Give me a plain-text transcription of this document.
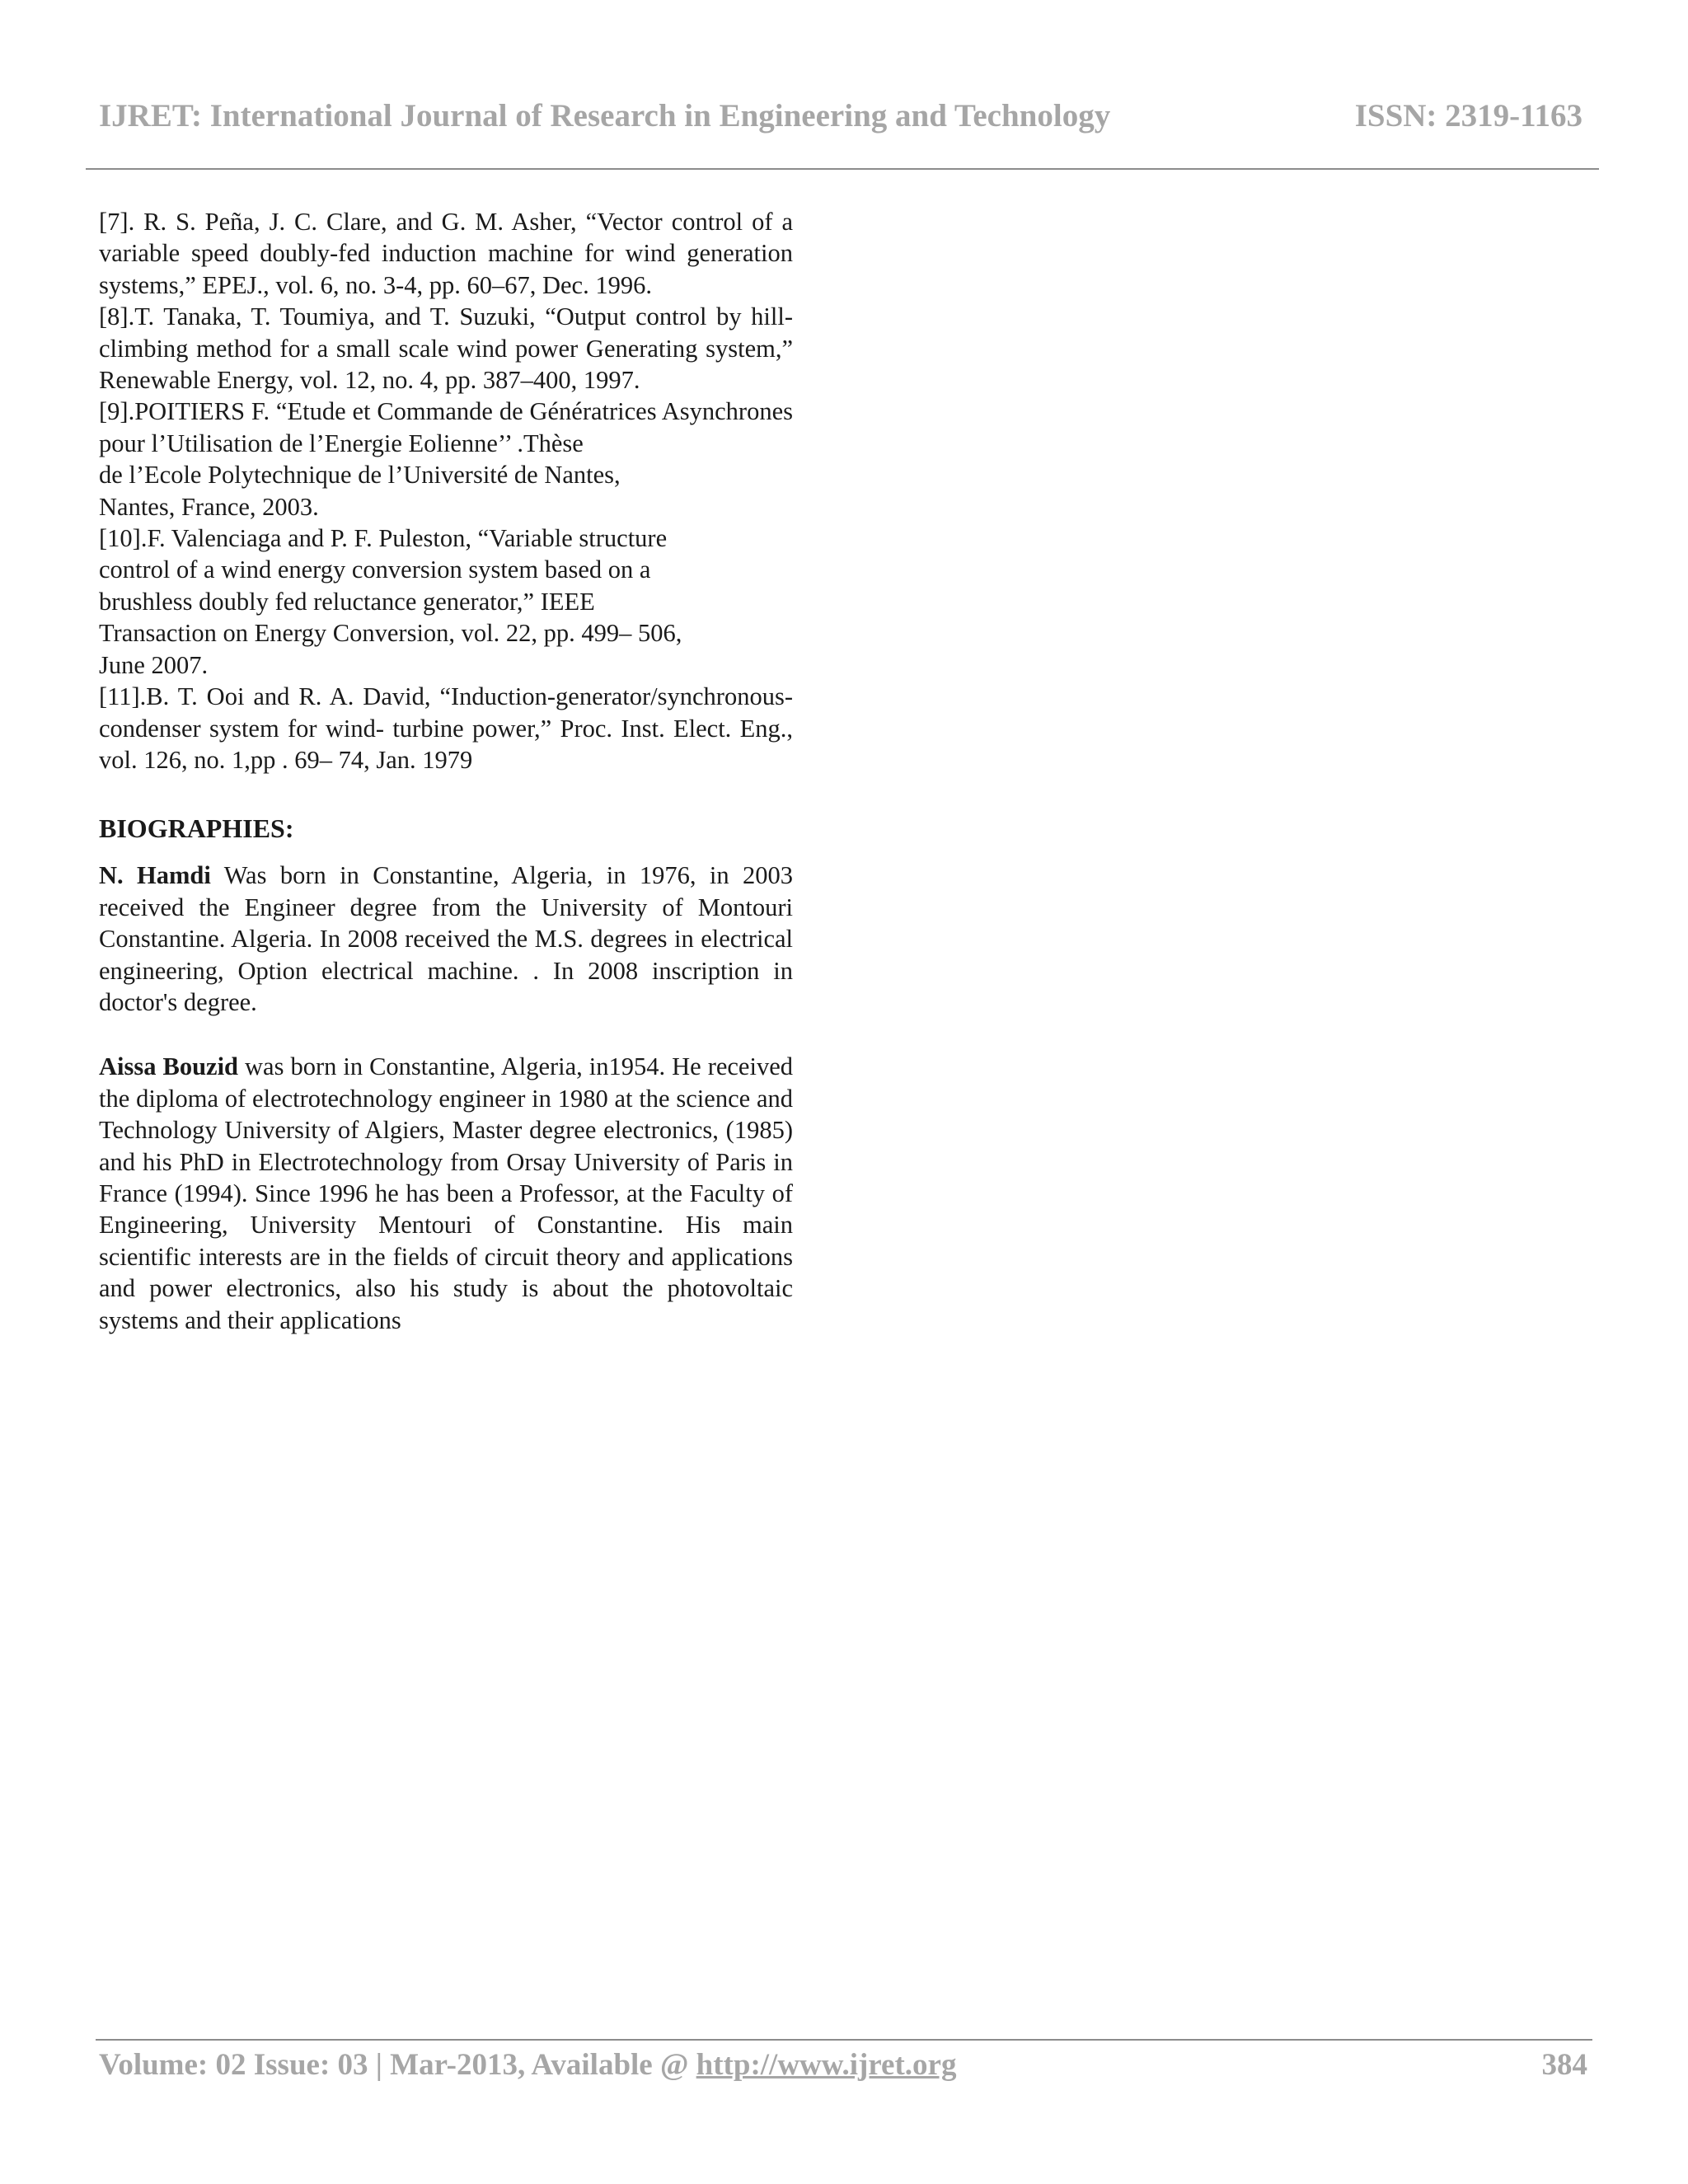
IJRET: International Journal of Research in Engineering and Technology	ISSN: 2319-1163

[7]. R. S. Peña, J. C. Clare, and G. M. Asher, “Vector control of a variable speed doubly-fed induction machine for wind generation systems,” EPEJ., vol. 6, no. 3-4, pp. 60–67, Dec. 1996.

[8].T. Tanaka, T. Toumiya, and T. Suzuki, “Output control by hill-climbing method for a small scale wind power Generating system,” Renewable Energy, vol. 12, no. 4, pp. 387–400, 1997.

[9].POITIERS F. “Etude et Commande de Génératrices Asynchrones pour l’Utilisation de l’Energie Eolienne’’ .Thèse

de l’Ecole Polytechnique de l’Université de Nantes,

Nantes, France, 2003.

[10].F. Valenciaga and P. F. Puleston, “Variable structure

control of a wind energy conversion system based on a

brushless doubly fed reluctance generator,” IEEE

Transaction on Energy Conversion, vol. 22, pp. 499– 506,

June 2007.

[11].B. T. Ooi and R. A. David, “Induction-generator/synchronous-condenser system for wind- turbine power,” Proc. Inst. Elect. Eng., vol. 126, no. 1,pp . 69– 74, Jan. 1979

BIOGRAPHIES:

N. Hamdi Was born in Constantine, Algeria, in 1976, in 2003 received the Engineer degree from the University of Montouri Constantine. Algeria. In 2008 received the M.S. degrees in electrical engineering, Option electrical machine. . In 2008 inscription in doctor's degree.

Aissa Bouzid was born in Constantine, Algeria, in1954. He received the diploma of electrotechnology engineer in 1980 at the science and Technology University of Algiers, Master degree electronics, (1985) and his PhD in Electrotechnology from Orsay University of Paris in France (1994). Since 1996 he has been a Professor, at the Faculty of Engineering, University Mentouri of Constantine. His main scientific interests are in the fields of circuit theory and applications and power electronics, also his study is about the photovoltaic systems and their applications

Volume: 02 Issue: 03 | Mar-2013, Available @ http://www.ijret.org	384
